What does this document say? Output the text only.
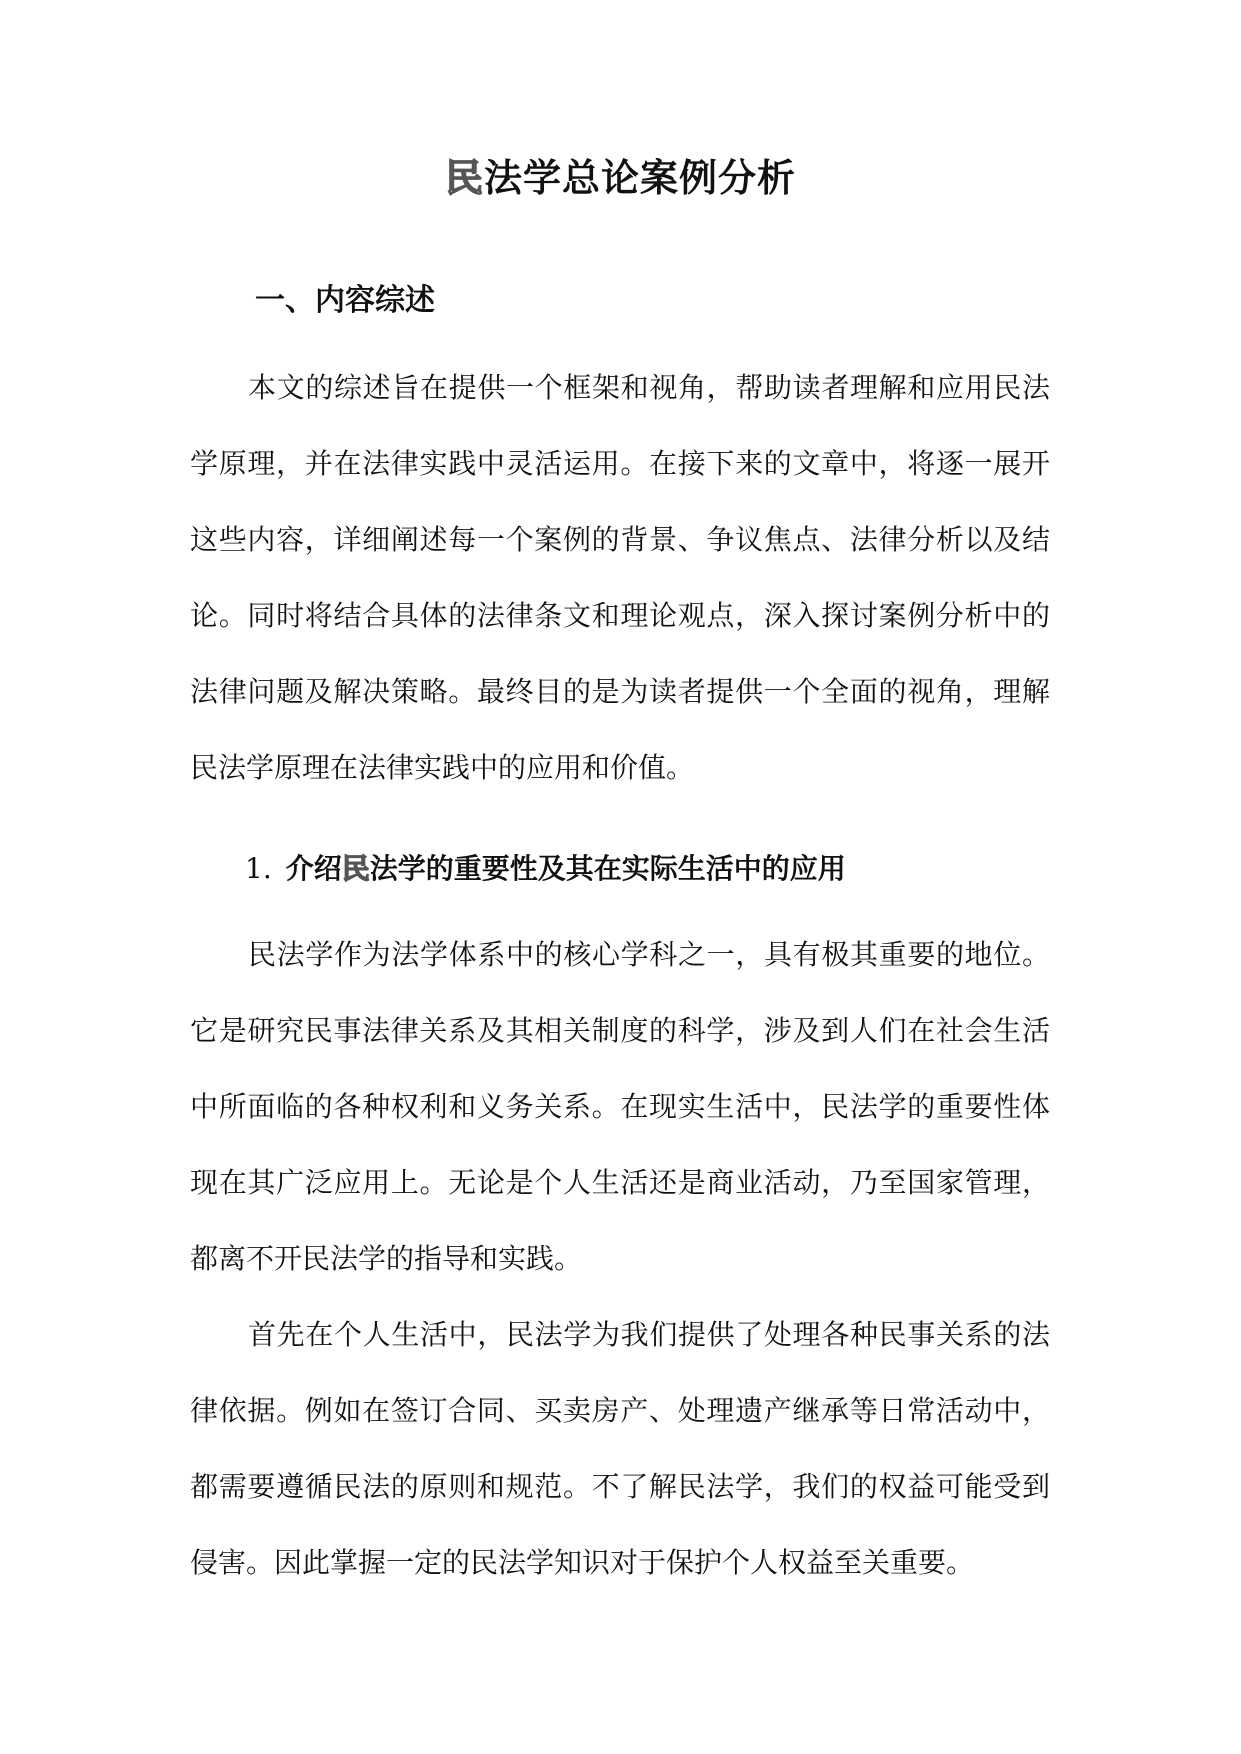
民法学总论案例分析
一、内容综述

本文的综述旨在提供一个框架和视角，帮助读者理解和应用民法学原理，并在法律实践中灵活运用。在接下来的文章中，将逐一展开这些内容，详细阐述每一个案例的背景、争议焦点、法律分析以及结论。同时将结合具体的法律条文和理论观点，深入探讨案例分析中的法律问题及解决策略。最终目的是为读者提供一个全面的视角，理解民法学原理在法律实践中的应用和价值。

1. 介绍民法学的重要性及其在实际生活中的应用

民法学作为法学体系中的核心学科之一，具有极其重要的地位。它是研究民事法律关系及其相关制度的科学，涉及到人们在社会生活中所面临的各种权利和义务关系。在现实生活中，民法学的重要性体现在其广泛应用上。无论是个人生活还是商业活动，乃至国家管理，都离不开民法学的指导和实践。

首先在个人生活中，民法学为我们提供了处理各种民事关系的法律依据。例如在签订合同、买卖房产、处理遗产继承等日常活动中，都需要遵循民法的原则和规范。不了解民法学，我们的权益可能受到侵害。因此掌握一定的民法学知识对于保护个人权益至关重要。
